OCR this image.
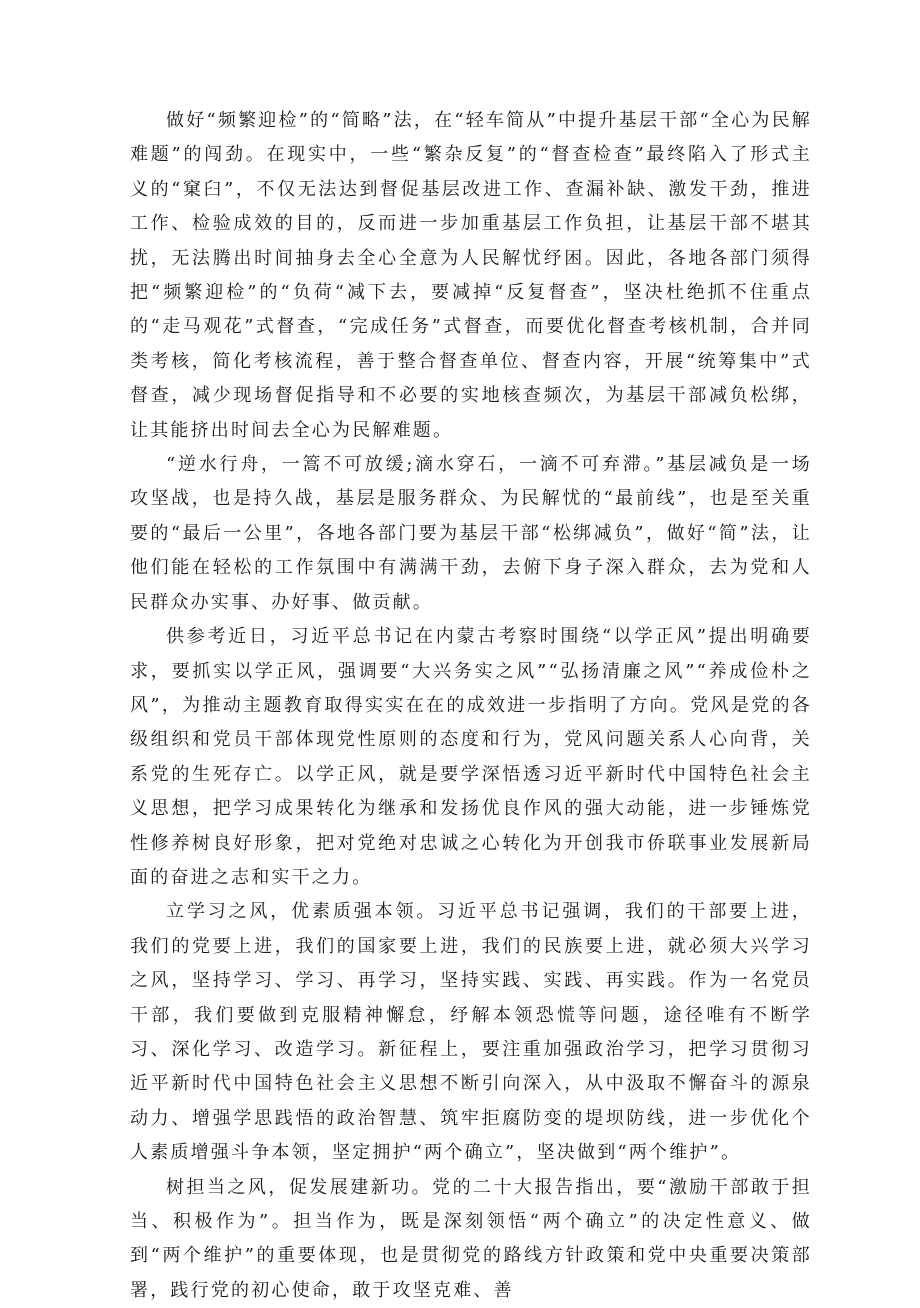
做好“频繁迎检”的“简略”法，在“轻车简从”中提升基层干部“全心为民解难题”的闯劲。在现实中，一些“繁杂反复”的“督查检查”最终陷入了形式主义的“窠臼”，不仅无法达到督促基层改进工作、查漏补缺、激发干劲，推进工作、检验成效的目的，反而进一步加重基层工作负担，让基层干部不堪其扰，无法腾出时间抽身去全心全意为人民解忧纾困。因此，各地各部门须得把“频繁迎检”的“负荷“减下去，要减掉“反复督查”，坚决杜绝抓不住重点的“走马观花”式督查，“完成任务”式督查，而要优化督查考核机制，合并同类考核，简化考核流程，善于整合督查单位、督查内容，开展“统筹集中”式督查，减少现场督促指导和不必要的实地核查频次，为基层干部减负松绑，让其能挤出时间去全心为民解难题。

“逆水行舟，一篙不可放缓;滴水穿石，一滴不可弃滞。”基层减负是一场攻坚战，也是持久战，基层是服务群众、为民解忧的“最前线”，也是至关重要的“最后一公里”，各地各部门要为基层干部“松绑减负”，做好“简”法，让他们能在轻松的工作氛围中有满满干劲，去俯下身子深入群众，去为党和人民群众办实事、办好事、做贡献。

供参考近日，习近平总书记在内蒙古考察时围绕“以学正风”提出明确要求，要抓实以学正风，强调要“大兴务实之风”“弘扬清廉之风”“养成俭朴之风”，为推动主题教育取得实实在在的成效进一步指明了方向。党风是党的各级组织和党员干部体现党性原则的态度和行为，党风问题关系人心向背，关系党的生死存亡。以学正风，就是要学深悟透习近平新时代中国特色社会主义思想，把学习成果转化为继承和发扬优良作风的强大动能，进一步锤炼党性修养树良好形象，把对党绝对忠诚之心转化为开创我市侨联事业发展新局面的奋进之志和实干之力。

立学习之风，优素质强本领。习近平总书记强调，我们的干部要上进，我们的党要上进，我们的国家要上进，我们的民族要上进，就必须大兴学习之风，坚持学习、学习、再学习，坚持实践、实践、再实践。作为一名党员干部，我们要做到克服精神懈怠，纾解本领恐慌等问题，途径唯有不断学习、深化学习、改造学习。新征程上，要注重加强政治学习，把学习贯彻习近平新时代中国特色社会主义思想不断引向深入，从中汲取不懈奋斗的源泉动力、增强学思践悟的政治智慧、筑牢拒腐防变的堤坝防线，进一步优化个人素质增强斗争本领，坚定拥护“两个确立”，坚决做到“两个维护”。

树担当之风，促发展建新功。党的二十大报告指出，要“激励干部敢于担当、积极作为”。担当作为，既是深刻领悟“两个确立”的决定性意义、做到“两个维护”的重要体现，也是贯彻党的路线方针政策和党中央重要决策部署，践行党的初心使命，敢于攻坚克难、善
